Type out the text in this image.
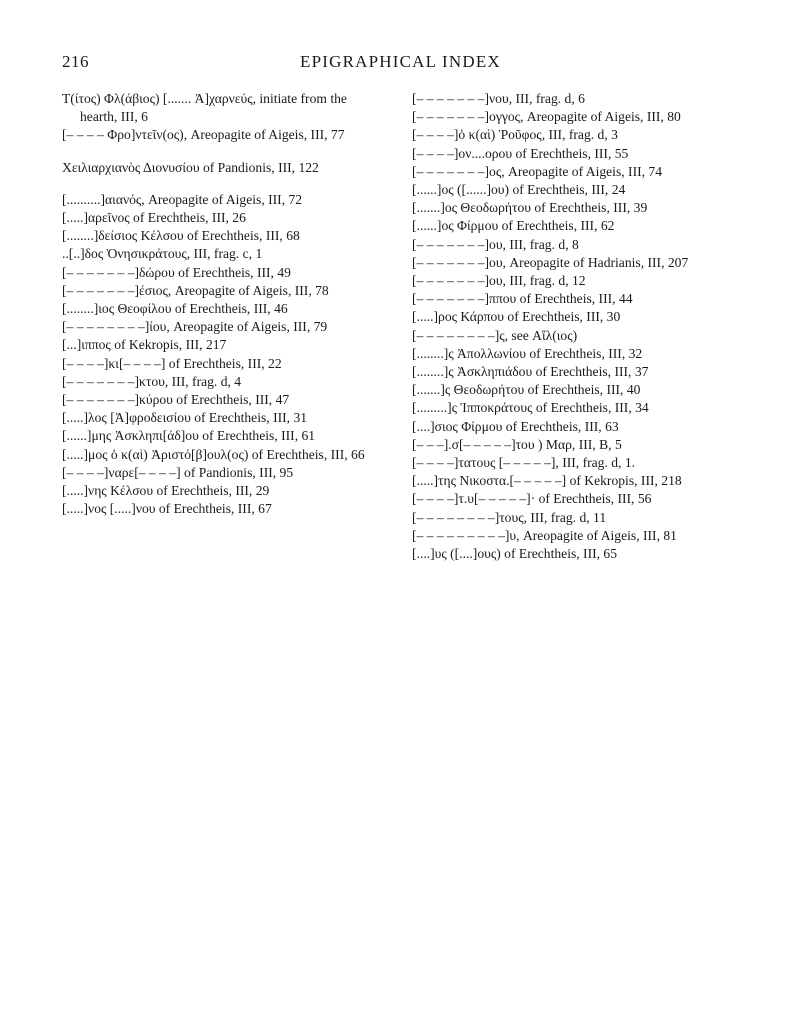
216	EPIGRAPHICAL INDEX

Τ(ίτος) Φλ(άβιος) [....... Ἀ]χαρνεύς, initiate from the hearth, III, 6

[– – – – Φρο]ντεῖν(ος), Areopagite of Aigeis, III, 77

Χειλιαρχιανὸς Διονυσίου of Pandionis, III, 122

[..........]αιανός, Areopagite of Aigeis, III, 72

[.....]αρεῖνος of Erechtheis, III, 26

[........]δείσιος Κέλσου of Erechtheis, III, 68

..[..]δος Ὀνησικράτους, III, frag. c, 1

[– – – – – – –]δώρου of Erechtheis, III, 49

[– – – – – – –]έσιος, Areopagite of Aigeis, III, 78

[........]ιος Θεοφίλου of Erechtheis, III, 46

[– – – – – – – –]ίου, Areopagite of Aigeis, III, 79

[...]ιππος of Kekropis, III, 217

[– – – –]κι[– – – –] of Erechtheis, III, 22

[– – – – – – –]κτου, III, frag. d, 4

[– – – – – – –]κύρου of Erechtheis, III, 47

[.....]λος [Ἀ]φροδεισίου of Erechtheis, III, 31

[......]μης Ἀσκληπι[άδ]ου of Erechtheis, III, 61

[.....]μος ὁ κ(αὶ) Ἀριστό[β]ουλ(ος) of Erechtheis, III, 66

[– – – –]ναρε[– – – –] of Pandionis, III, 95

[.....]νης Κέλσου of Erechtheis, III, 29

[.....]νος [.....]νου of Erechtheis, III, 67

[– – – – – – –]νου, III, frag. d, 6

[– – – – – – –]ογγος, Areopagite of Aigeis, III, 80

[– – – –]ὁ κ(αὶ) Ῥοῦφος, III, frag. d, 3

[– – – –]ον....ορου of Erechtheis, III, 55

[– – – – – – –]ος, Areopagite of Aigeis, III, 74

[......]ος ([......]ου) of Erechtheis, III, 24

[.......]ος Θεοδωρήτου of Erechtheis, III, 39

[......]ος Φίρμου of Erechtheis, III, 62

[– – – – – – –]ου, III, frag. d, 8

[– – – – – – –]ου, Areopagite of Hadrianis, III, 207

[– – – – – – –]ου, III, frag. d, 12

[– – – – – – –]ππου of Erechtheis, III, 44

[.....]ρος Κάρπου of Erechtheis, III, 30

[– – – – – – – –]ς, see Αἴλ(ιος)

[........]ς Ἀπολλωνίου of Erechtheis, III, 32

[........]ς Ἀσκληπιάδου of Erechtheis, III, 37

[.......]ς Θεοδωρήτου of Erechtheis, III, 40

[.........]ς Ἱπποκράτους of Erechtheis, III, 34

[....]σιος Φίρμου of Erechtheis, III, 63

[– – –].σ[– – – – –]του ) Μαρ, III, B, 5

[– – – –]τατους [– – – – –], III, frag. d, 1.

[.....]της Νικοστα.[– – – – –] of Kekropis, III, 218

[– – – –]τ.υ[– – – – –]· of Erechtheis, III, 56

[– – – – – – – –]τους, III, frag. d, 11

[– – – – – – – – –]υ, Areopagite of Aigeis, III, 81

[....]υς ([....]ους) of Erechtheis, III, 65
